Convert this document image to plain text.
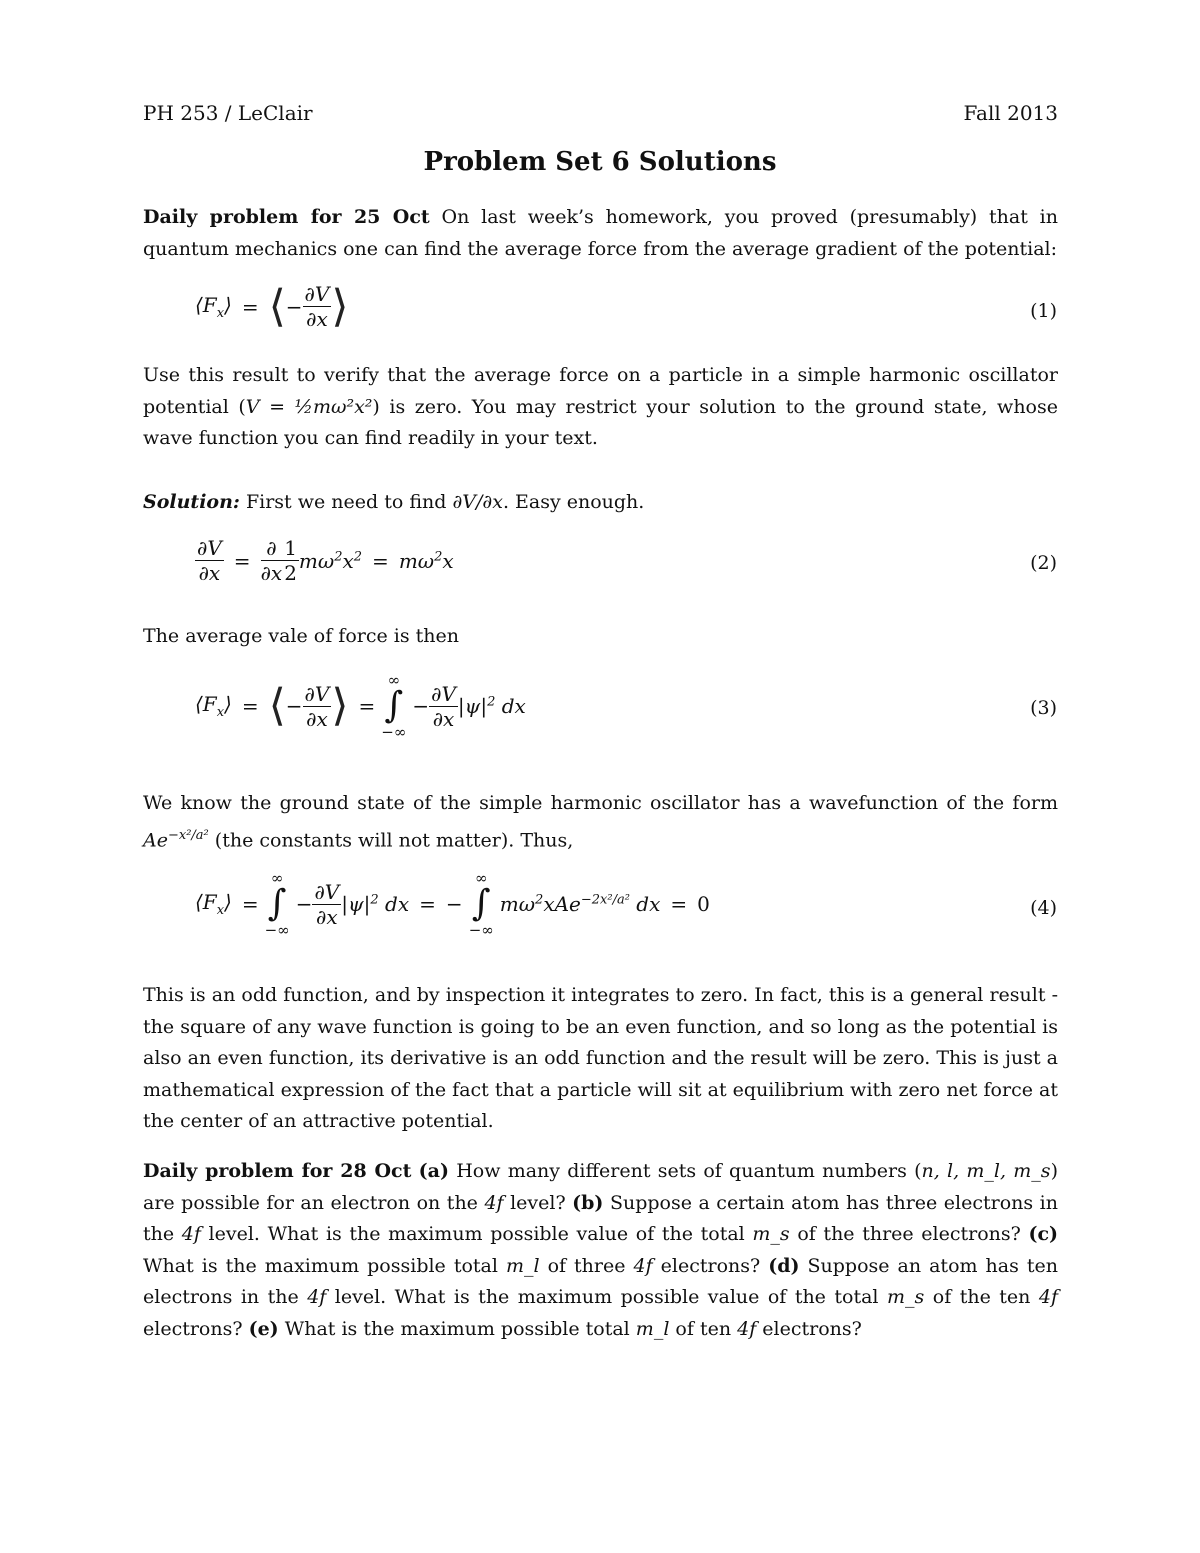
PH 253 / LeClair	Fall 2013
Problem Set 6 Solutions

Daily problem for 25 Oct On last week’s homework, you proved (presumably) that in quantum mechanics one can find the average force from the average gradient of the potential:

$⟨F_x⟩$ = ⟨ − $\frac{\partial V}{\partial x}$ ⟩	(1)

Use this result to verify that the average force on a particle in a simple harmonic oscillator potential (V = ½mω²x²) is zero. You may restrict your solution to the ground state, whose wave function you can find readily in your text.

Solution: First we need to find ∂V/∂x. Easy enough.

$\frac{\partial V}{\partial x} = \frac{\partial}{\partial x} \frac{1}{2} m\omega^2x^2 = m\omega^2x$	(2)

The average vale of force is then

$⟨F_x⟩$ = ⟨ − $\frac{\partial V}{\partial x}$ ⟩ =
∞
∫
−∞
− $\frac{\partial V}{\partial x} |\psi|^2$ dx	(3)

We know the ground state of the simple harmonic oscillator has a wavefunction of the form $Ae^{-x^2/a^2}$ (the constants will not matter). Thus,

$⟨F_x⟩$ =
∞
∫
−∞
− $\frac{\partial V}{\partial x} |\psi|^2$ dx = −
∞
∫
−∞
$m\omega^2xAe^{-2x^2/a^2}$ dx = 0	(4)

This is an odd function, and by inspection it integrates to zero. In fact, this is a general result - the square of any wave function is going to be an even function, and so long as the potential is also an even function, its derivative is an odd function and the result will be zero. This is just a mathematical expression of the fact that a particle will sit at equilibrium with zero net force at the center of an attractive potential.

Daily problem for 28 Oct (a) How many different sets of quantum numbers (n, l, m_l, m_s) are possible for an electron on the 4f level? (b) Suppose a certain atom has three electrons in the 4f level. What is the maximum possible value of the total m_s of the three electrons? (c) What is the maximum possible total m_l of three 4f electrons? (d) Suppose an atom has ten electrons in the 4f level. What is the maximum possible value of the total m_s of the ten 4f electrons? (e) What is the maximum possible total m_l of ten 4f electrons?
